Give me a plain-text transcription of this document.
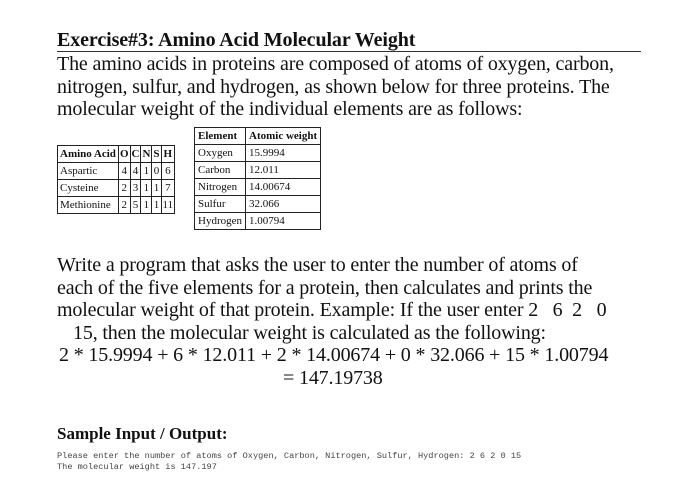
Exercise#3: Amino Acid Molecular Weight
The amino acids in proteins are composed of atoms of oxygen, carbon,
nitrogen, sulfur, and hydrogen, as shown below for three proteins. The
molecular weight of the individual elements are as follows:
Amino Acid	O	C	N	S	H
Aspartic	4	4	1	0	6
Cysteine	2	3	1	1	7
Methionine	2	5	1	1	11
Element	Atomic weight
Oxygen	15.9994
Carbon	12.011
Nitrogen	14.00674
Sulfur	32.066
Hydrogen	1.00794
Write a program that asks the user to enter the number of atoms of
each of the five elements for a protein, then calculates and prints the
molecular weight of that protein. Example: If the user enter 2   6  2   0
15, then the molecular weight is calculated as the following:
2 * 15.9994 + 6 * 12.011 + 2 * 14.00674 + 0 * 32.066 + 15 * 1.00794
= 147.19738
Sample Input / Output:
Please enter the number of atoms of Oxygen, Carbon, Nitrogen, Sulfur, Hydrogen: 2 6 2 0 15
The molecular weight is 147.197
